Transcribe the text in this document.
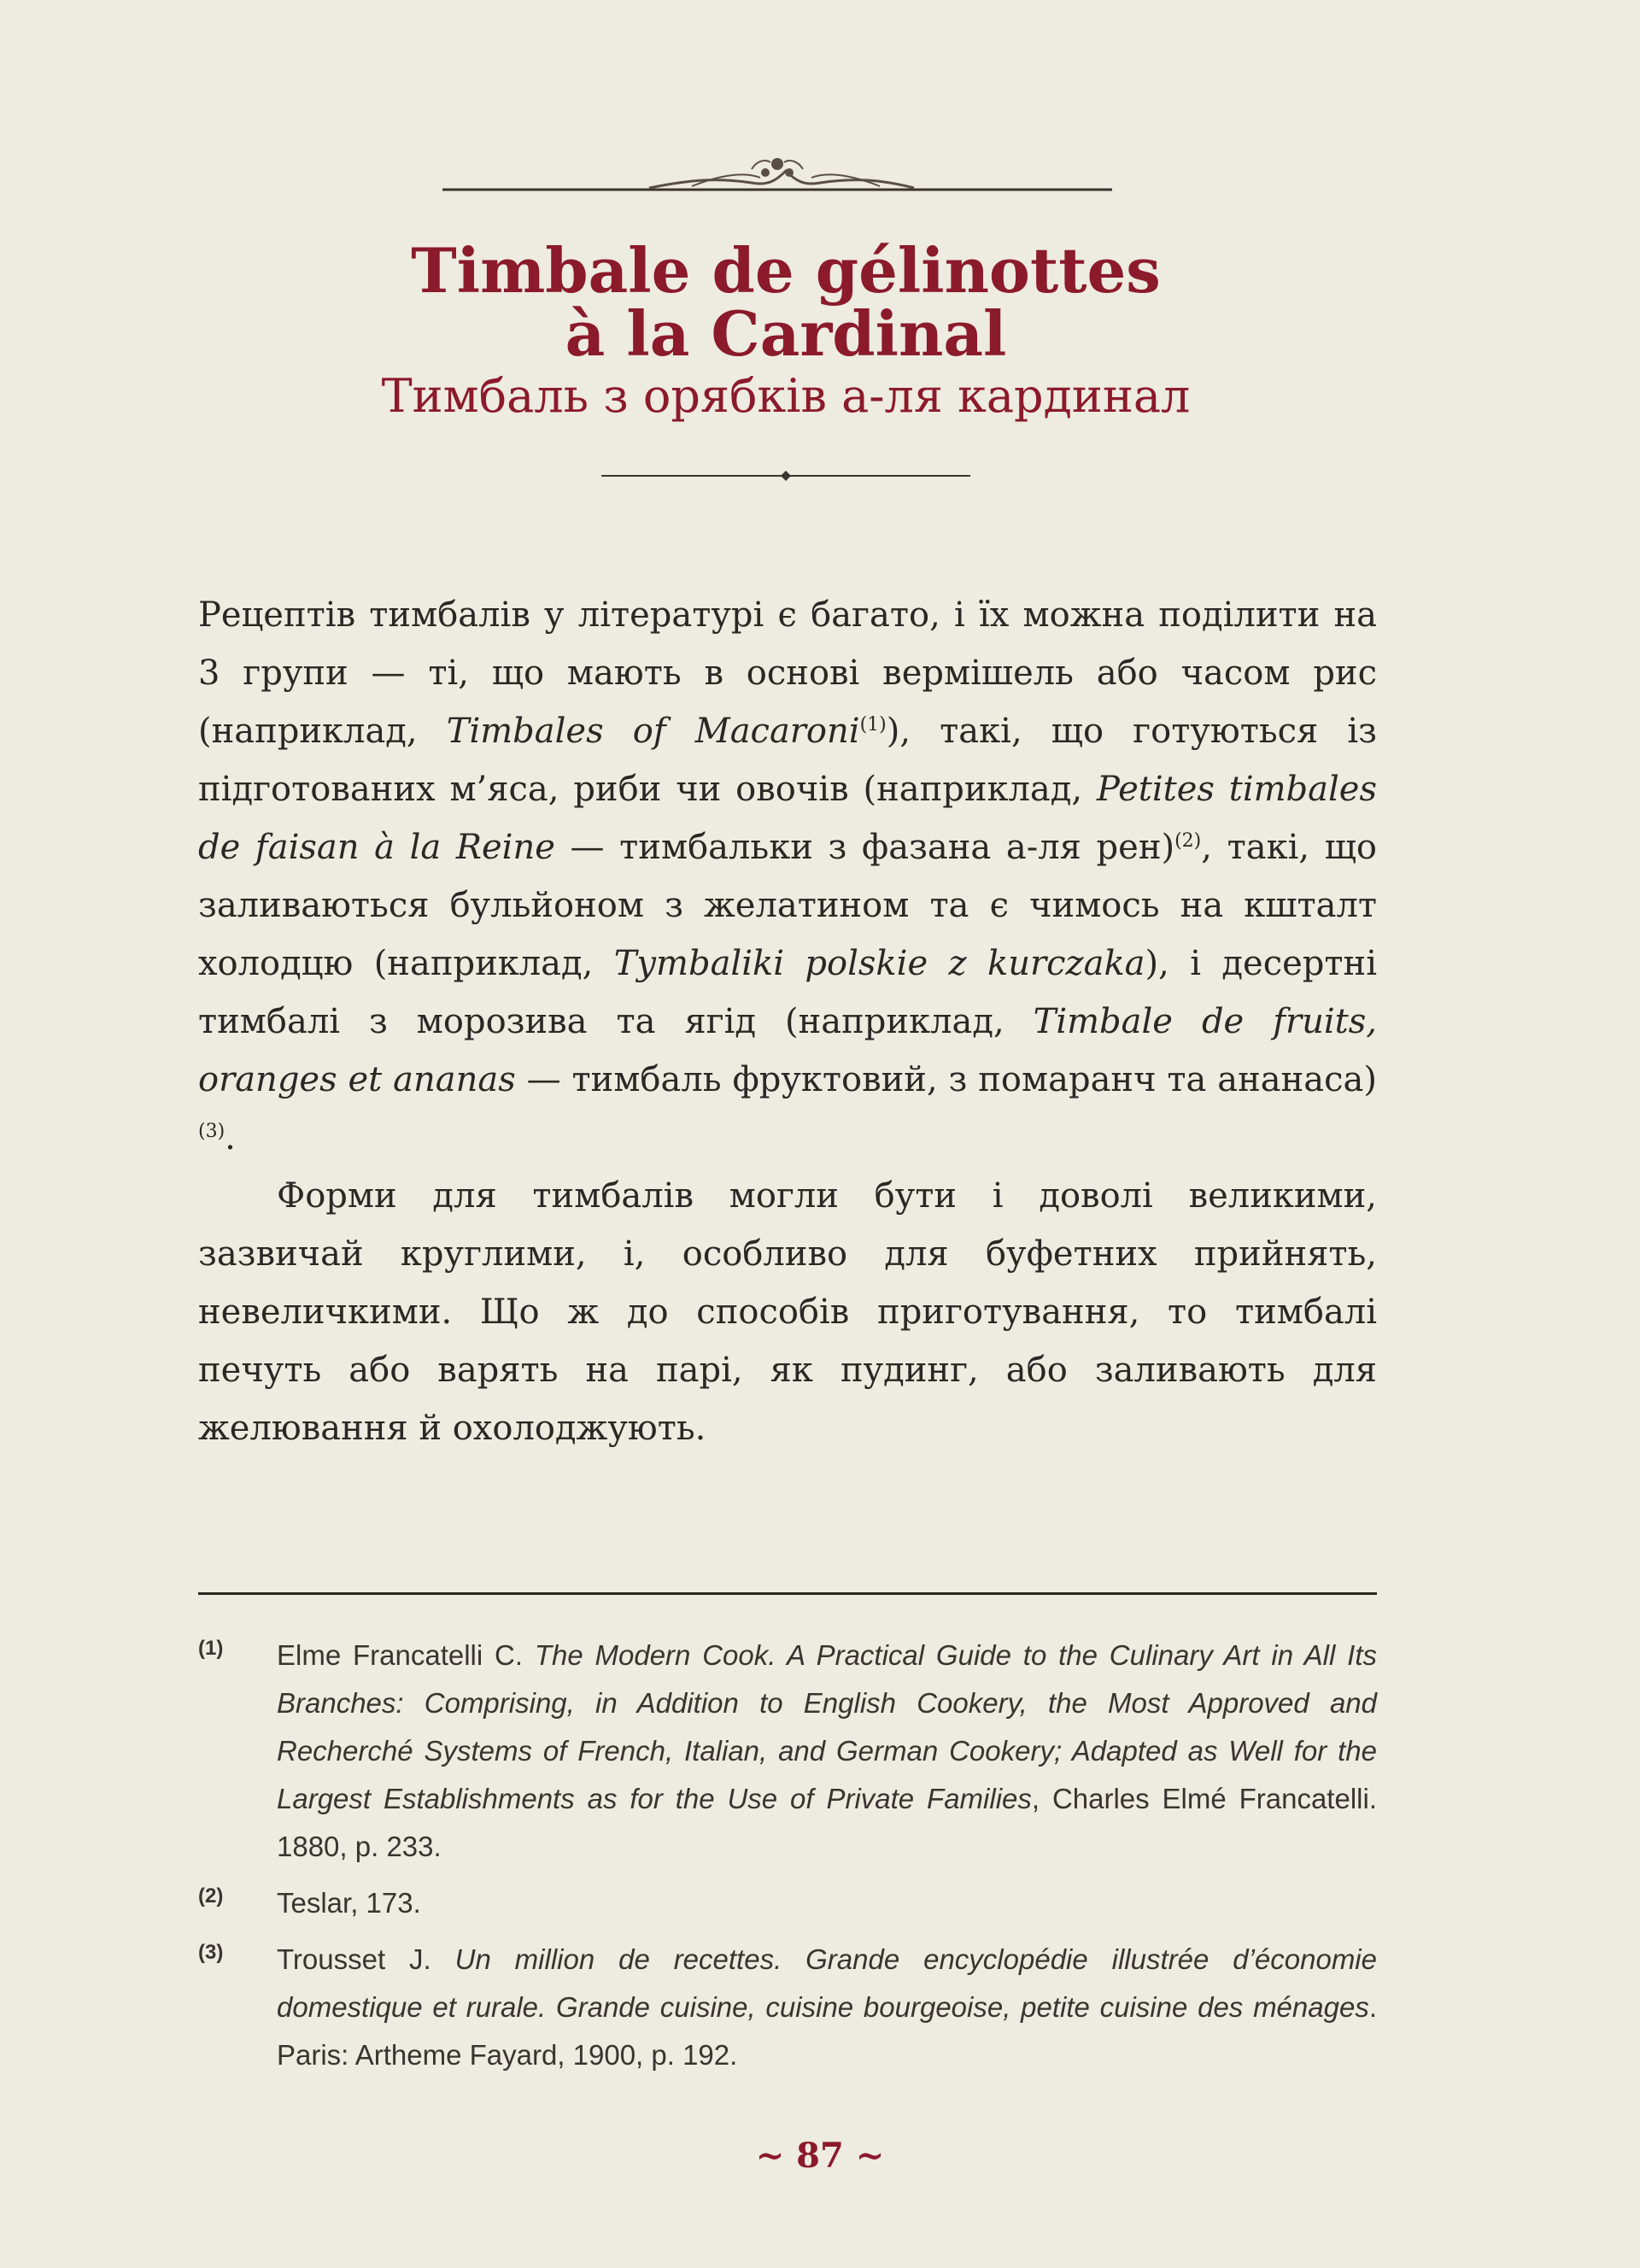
Timbale de gélinottes
à la Cardinal
Тимбаль з орябків а-ля кардинал

Рецептів тимбалів у літературі є багато, і їх можна поділити на 3 групи — ті, що мають в основі вермішель або часом рис (наприклад, Timbales of Macaroni$^{(1)}$), такі, що готуються із підготованих м’яса, риби чи овочів (наприклад, Petites timbales de faisan à la Reine — тимбальки з фазана а-ля рен)$^{(2)}$, такі, що заливаються бульйоном з желатином та є чимось на кшталт холодцю (наприклад, Tymbaliki polskie z kurczaka), і десертні тимбалі з морозива та ягід (наприклад, Timbale de fruits, oranges et ananas — тимбаль фруктовий, з помаранч та ананаса)$^{(3)}$.

Форми для тимбалів могли бути і доволі великими, зазвичай круглими, і, особливо для буфетних прийнять, невеличкими. Що ж до способів приготування, то тимбалі печуть або варять на парі, як пудинг, або заливають для желювання й охолоджують.

(1)	Elme Francatelli C. The Modern Cook. A Practical Guide to the Culinary Art in All Its Branches: Comprising, in Addition to English Cookery, the Most Approved and Recherché Systems of French, Italian, and German Cookery; Adapted as Well for the Largest Establishments as for the Use of Private Families, Charles Elmé Francatelli. 1880, p. 233.
(2)	Teslar, 173.
(3)	Trousset J. Un million de recettes. Grande encyclopédie illustrée d’économie domestique et rurale. Grande cuisine, cuisine bourgeoise, petite cuisine des ménages. Paris: Artheme Fayard, 1900, p. 192.
~ 87 ~
